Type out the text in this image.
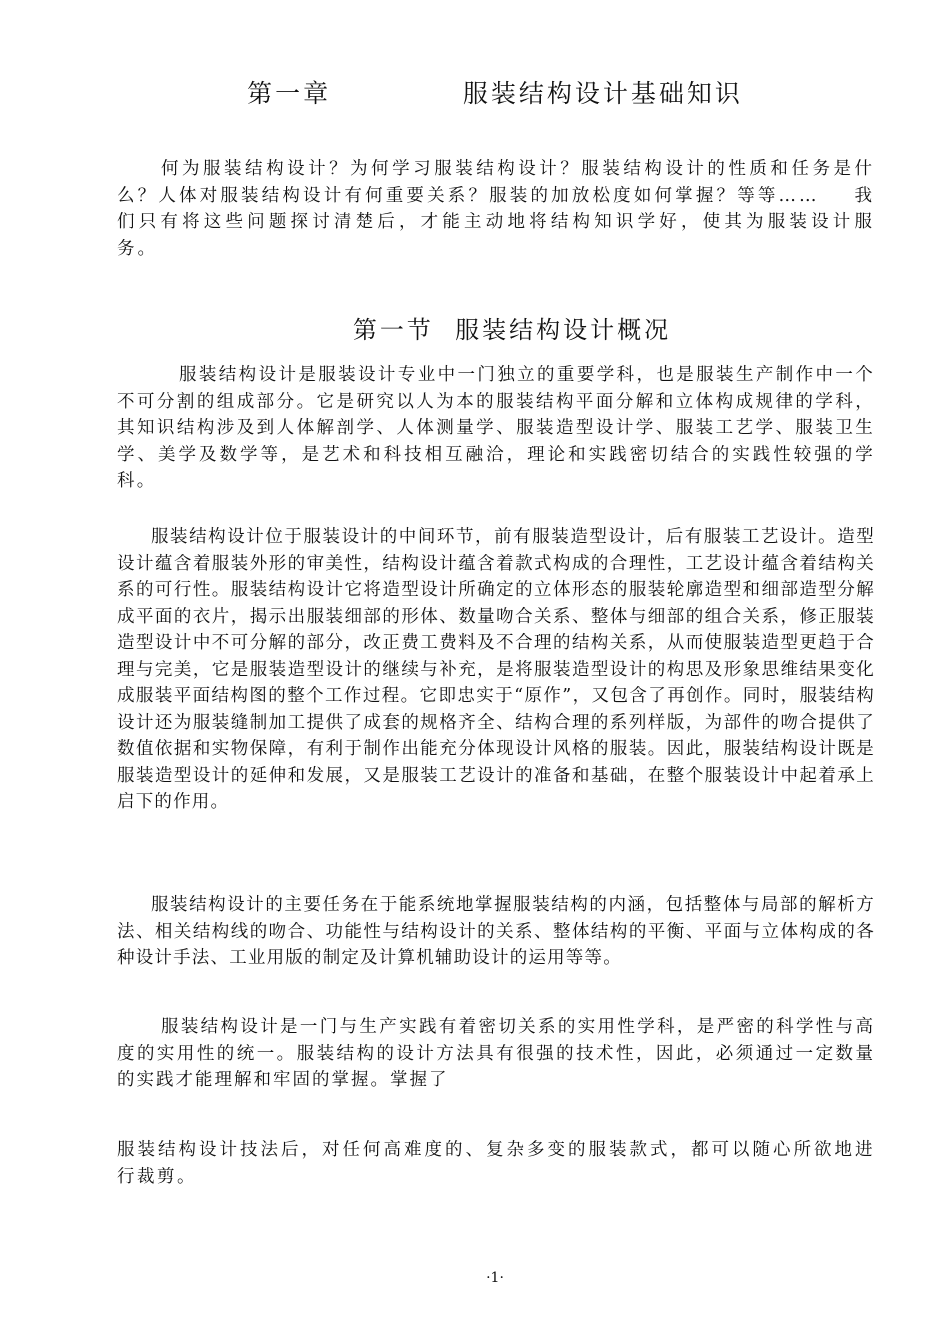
第一章    服装结构设计基础知识

何为服装结构设计？为何学习服装结构设计？服装结构设计的性质和任务是什么？人体对服装结构设计有何重要关系？服装的加放松度如何掌握？等等……    我们只有将这些问题探讨清楚后，才能主动地将结构知识学好，使其为服装设计服务。

第一节  服装结构设计概况

服装结构设计是服装设计专业中一门独立的重要学科，也是服装生产制作中一个不可分割的组成部分。它是研究以人为本的服装结构平面分解和立体构成规律的学科，其知识结构涉及到人体解剖学、人体测量学、服装造型设计学、服装工艺学、服装卫生学、美学及数学等，是艺术和科技相互融洽，理论和实践密切结合的实践性较强的学科。

服装结构设计位于服装设计的中间环节，前有服装造型设计，后有服装工艺设计。造型设计蕴含着服装外形的审美性，结构设计蕴含着款式构成的合理性，工艺设计蕴含着结构关系的可行性。服装结构设计它将造型设计所确定的立体形态的服装轮廓造型和细部造型分解成平面的衣片，揭示出服装细部的形体、数量吻合关系、整体与细部的组合关系，修正服装造型设计中不可分解的部分，改正费工费料及不合理的结构关系，从而使服装造型更趋于合理与完美，它是服装造型设计的继续与补充，是将服装造型设计的构思及形象思维结果变化成服装平面结构图的整个工作过程。它即忠实于“原作”，又包含了再创作。同时，服装结构设计还为服装缝制加工提供了成套的规格齐全、结构合理的系列样版，为部件的吻合提供了数值依据和实物保障，有利于制作出能充分体现设计风格的服装。因此，服装结构设计既是服装造型设计的延伸和发展，又是服装工艺设计的准备和基础，在整个服装设计中起着承上启下的作用。

服装结构设计的主要任务在于能系统地掌握服装结构的内涵，包括整体与局部的解析方法、相关结构线的吻合、功能性与结构设计的关系、整体结构的平衡、平面与立体构成的各种设计手法、工业用版的制定及计算机辅助设计的运用等等。

服装结构设计是一门与生产实践有着密切关系的实用性学科，是严密的科学性与高度的实用性的统一。服装结构的设计方法具有很强的技术性，因此，必须通过一定数量的实践才能理解和牢固的掌握。掌握了

服装结构设计技法后，对任何高难度的、复杂多变的服装款式，都可以随心所欲地进行裁剪。

·1·
